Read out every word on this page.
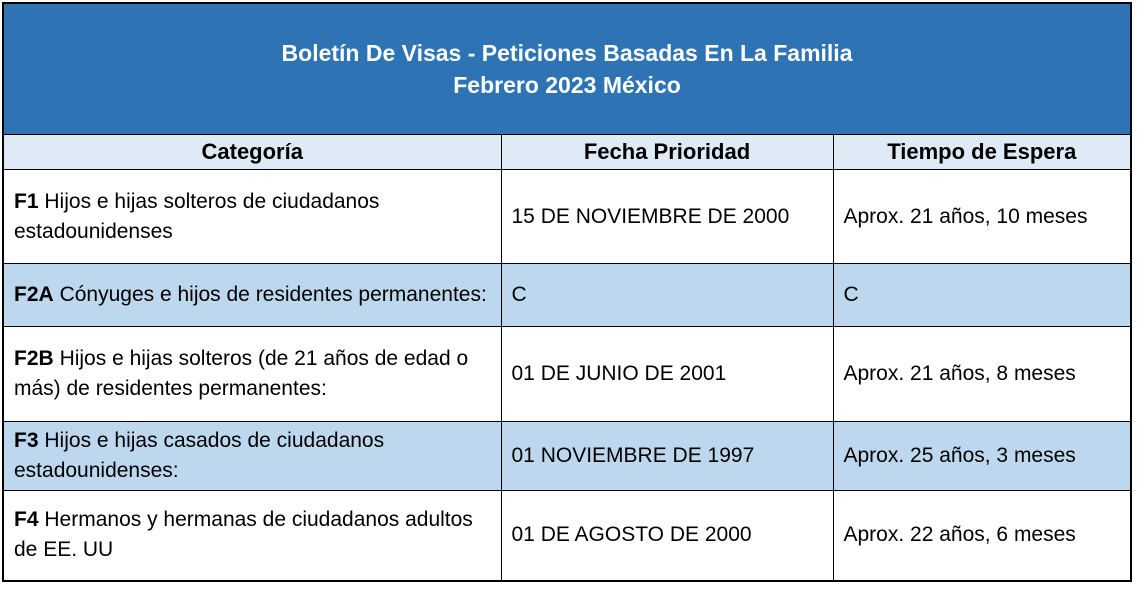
Boletín De Visas - Peticiones Basadas En La Familia
Febrero 2023 México		

Categoría	Fecha Prioridad	Tiempo de Espera
F1 Hijos e hijas solteros de ciudadanos estadounidenses	15 DE NOVIEMBRE DE 2000	Aprox. 21 años, 10 meses
F2A Cónyuges e hijos de residentes permanentes:	C	C
F2B Hijos e hijas solteros (de 21 años de edad o más) de residentes permanentes:	01 DE JUNIO DE 2001	Aprox. 21 años, 8 meses
F3 Hijos e hijas casados de ciudadanos estadounidenses:	01 NOVIEMBRE DE 1997	Aprox. 25 años, 3 meses
F4 Hermanos y hermanas de ciudadanos adultos de EE. UU	01 DE AGOSTO DE 2000	Aprox. 22 años, 6 meses
